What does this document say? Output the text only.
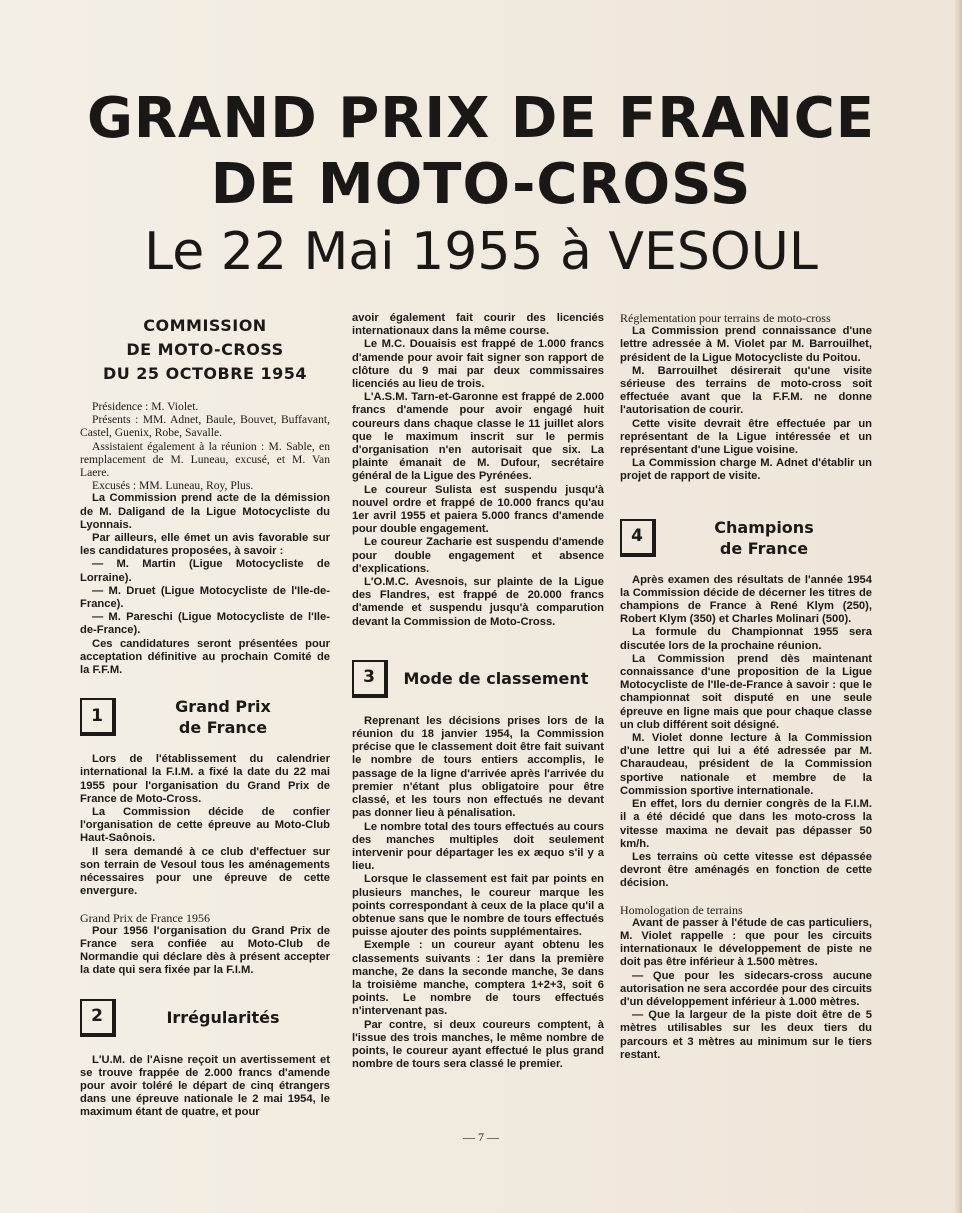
GRAND PRIX DE FRANCE
DE MOTO-CROSS
Le 22 Mai 1955 à VESOUL
COMMISSION
DE MOTO-CROSS
DU 25 OCTOBRE 1954

Présidence : M. Violet.

Présents : MM. Adnet, Baule, Bouvet, Buffavant, Castel, Guenix, Robe, Savalle.

Assistaient également à la réunion : M. Sable, en remplacement de M. Luneau, excusé, et M. Van Laere.

Excusés : MM. Luneau, Roy, Plus.

La Commission prend acte de la démission de M. Daligand de la Ligue Motocycliste du Lyonnais.

Par ailleurs, elle émet un avis favorable sur les candidatures proposées, à savoir :

— M. Martin (Ligue Motocycliste de Lorraine).

— M. Druet (Ligue Motocycliste de l'Ile-de-France).

— M. Pareschi (Ligue Motocycliste de l'Ile-de-France).

Ces candidatures seront présentées pour acceptation définitive au prochain Comité de la F.F.M.

1	Grand Prix
de France

Lors de l'établissement du calendrier international la F.I.M. a fixé la date du 22 mai 1955 pour l'organisation du Grand Prix de France de Moto-Cross.

La Commission décide de confier l'organisation de cette épreuve au Moto-Club Haut-Saônois.

Il sera demandé à ce club d'effectuer sur son terrain de Vesoul tous les aménagements nécessaires pour une épreuve de cette envergure.

Grand Prix de France 1956

Pour 1956 l'organisation du Grand Prix de France sera confiée au Moto-Club de Normandie qui déclare dès à présent accepter la date qui sera fixée par la F.I.M.

2	Irrégularités

L'U.M. de l'Aisne reçoit un avertissement et se trouve frappée de 2.000 francs d'amende pour avoir toléré le départ de cinq étrangers dans une épreuve nationale le 2 mai 1954, le maximum étant de quatre, et pour

avoir également fait courir des licenciés internationaux dans la même course.

Le M.C. Douaisis est frappé de 1.000 francs d'amende pour avoir fait signer son rapport de clôture du 9 mai par deux commissaires licenciés au lieu de trois.

L'A.S.M. Tarn-et-Garonne est frappé de 2.000 francs d'amende pour avoir engagé huit coureurs dans chaque classe le 11 juillet alors que le maximum inscrit sur le permis d'organisation n'en autorisait que six. La plainte émanait de M. Dufour, secrétaire général de la Ligue des Pyrénées.

Le coureur Sulista est suspendu jusqu'à nouvel ordre et frappé de 10.000 francs qu'au 1er avril 1955 et paiera 5.000 francs d'amende pour double engagement.

Le coureur Zacharie est suspendu d'amende pour double engagement et absence d'explications.

L'O.M.C. Avesnois, sur plainte de la Ligue des Flandres, est frappé de 20.000 francs d'amende et suspendu jusqu'à comparution devant la Commission de Moto-Cross.

3	Mode de classement

Reprenant les décisions prises lors de la réunion du 18 janvier 1954, la Commission précise que le classement doit être fait suivant le nombre de tours entiers accomplis, le passage de la ligne d'arrivée après l'arrivée du premier n'étant plus obligatoire pour être classé, et les tours non effectués ne devant pas donner lieu à pénalisation.

Le nombre total des tours effectués au cours des manches multiples doit seulement intervenir pour départager les ex æquo s'il y a lieu.

Lorsque le classement est fait par points en plusieurs manches, le coureur marque les points correspondant à ceux de la place qu'il a obtenue sans que le nombre de tours effectués puisse ajouter des points supplémentaires.

Exemple : un coureur ayant obtenu les classements suivants : 1er dans la première manche, 2e dans la seconde manche, 3e dans la troisième manche, comptera 1+2+3, soit 6 points. Le nombre de tours effectués n'intervenant pas.

Par contre, si deux coureurs comptent, à l'issue des trois manches, le même nombre de points, le coureur ayant effectué le plus grand nombre de tours sera classé le premier.

Réglementation pour terrains de moto-cross

La Commission prend connaissance d'une lettre adressée à M. Violet par M. Barrouilhet, président de la Ligue Motocycliste du Poitou.

M. Barrouilhet désirerait qu'une visite sérieuse des terrains de moto-cross soit effectuée avant que la F.F.M. ne donne l'autorisation de courir.

Cette visite devrait être effectuée par un représentant de la Ligue intéressée et un représentant d'une Ligue voisine.

La Commission charge M. Adnet d'établir un projet de rapport de visite.

4	Champions
de France

Après examen des résultats de l'année 1954 la Commission décide de décerner les titres de champions de France à René Klym (250), Robert Klym (350) et Charles Molinari (500).

La formule du Championnat 1955 sera discutée lors de la prochaine réunion.

La Commission prend dès maintenant connaissance d'une proposition de la Ligue Motocycliste de l'Ile-de-France à savoir : que le championnat soit disputé en une seule épreuve en ligne mais que pour chaque classe un club différent soit désigné.

M. Violet donne lecture à la Commission d'une lettre qui lui a été adressée par M. Charaudeau, président de la Commission sportive nationale et membre de la Commission sportive internationale.

En effet, lors du dernier congrès de la F.I.M. il a été décidé que dans les moto-cross la vitesse maxima ne devait pas dépasser 50 km/h.

Les terrains où cette vitesse est dépassée devront être aménagés en fonction de cette décision.

Homologation de terrains

Avant de passer à l'étude de cas particuliers, M. Violet rappelle : que pour les circuits internationaux le développement de piste ne doit pas être inférieur à 1.500 mètres.

— Que pour les sidecars-cross aucune autorisation ne sera accordée pour des circuits d'un développement inférieur à 1.000 mètres.

— Que la largeur de la piste doit être de 5 mètres utilisables sur les deux tiers du parcours et 3 mètres au minimum sur le tiers restant.

— 7 —
